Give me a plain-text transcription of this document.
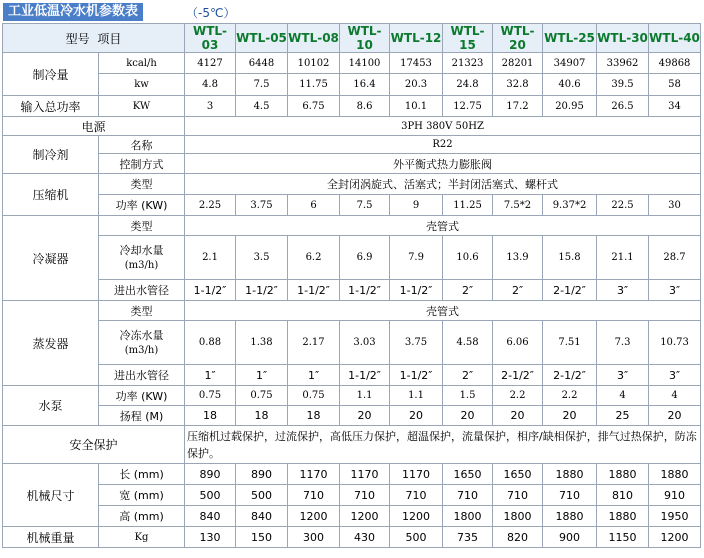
工业低温冷水机参数表	（-5℃）
型号 项目		WTL-03	WTL-05	WTL-08	WTL-10	WTL-12	WTL-15	WTL-20	WTL-25	WTL-30	WTL-40
制冷量	kcal/h	4127	6448	10102	14100	17453	21323	28201	34907	33962	49868
	kw	4.8	7.5	11.75	16.4	20.3	24.8	32.8	40.6	39.5	58
输入总功率	KW	3	4.5	6.75	8.6	10.1	12.75	17.2	20.95	26.5	34
电源		3PH 380V 50HZ									
制冷剂	名称	R22									
	控制方式	外平衡式热力膨胀阀									
压缩机	类型	全封闭涡旋式、活塞式；半封闭活塞式、螺杆式									
	功率 (KW)	2.25	3.75	6	7.5	9	11.25	7.5*2	9.37*2	22.5	30
冷凝器	类型	壳管式									

	冷却水量
(m3/h)	2.1	3.5	6.2	6.9	7.9	10.6	13.9	15.8	21.1	28.7
	进出水管径	1-1/2″	1-1/2″	1-1/2″	1-1/2″	1-1/2″	2″	2″	2-1/2″	3″	3″
蒸发器	类型	壳管式									

	冷冻水量
(m3/h)	0.88	1.38	2.17	3.03	3.75	4.58	6.06	7.51	7.3	10.73
	进出水管径	1″	1″	1″	1-1/2″	1-1/2″	2″	2-1/2″	2-1/2″	3″	3″
水泵	功率 (KW)	0.75	0.75	0.75	1.1	1.1	1.5	2.2	2.2	4	4
	扬程 (M)	18	18	18	20	20	20	20	20	25	20
安全保护		压缩机过载保护，过流保护，高低压力保护，超温保护，流量保护，相序/缺相保护，排气过热保护，防冻保护。									
机械尺寸	长 (mm)	890	890	1170	1170	1170	1650	1650	1880	1880	1880
	宽 (mm)	500	500	710	710	710	710	710	710	810	910
	高 (mm)	840	840	1200	1200	1200	1800	1800	1880	1880	1950
机械重量	Kg	130	150	300	430	500	735	820	900	1150	1200
